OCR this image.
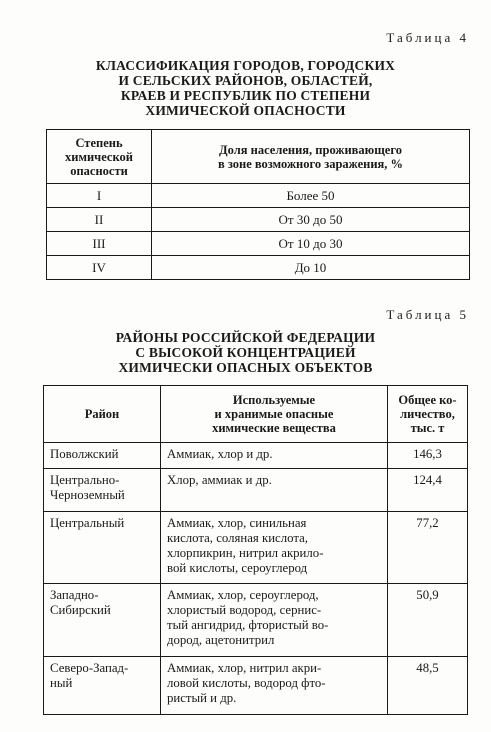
Таблица 4
КЛАССИФИКАЦИЯ ГОРОДОВ, ГОРОДСКИХ
И СЕЛЬСКИХ РАЙОНОВ, ОБЛАСТЕЙ,
КРАЕВ И РЕСПУБЛИК ПО СТЕПЕНИ
ХИМИЧЕСКОЙ ОПАСНОСТИ
Степень
химической
опасности	Доля населения, проживающего
в зоне возможного заражения, %

I	Более 50
II	От 30 до 50
III	От 10 до 30
IV	До 10
Таблица 5
РАЙОНЫ РОССИЙСКОЙ ФЕДЕРАЦИИ
С ВЫСОКОЙ КОНЦЕНТРАЦИЕЙ
ХИМИЧЕСКИ ОПАСНЫХ ОБЪЕКТОВ
Район	Используемые
и хранимые опасные
химические вещества	Общее ко-
личество,
тыс. т

Поволжский	Аммиак, хлор и др.	146,3

Центрально-
Черноземный	Хлор, аммиак и др.	124,4

Центральный	Аммиак, хлор, синильная
кислота, соляная кислота,
хлорпикрин, нитрил акрило-
вой кислоты, сероуглерод	77,2

Западно-
Сибирский	Аммиак, хлор, сероуглерод,
хлористый водород, сернис-
тый ангидрид, фтористый во-
дород, ацетонитрил	50,9

Северо-Запад-
ный	Аммиак, хлор, нитрил акри-
ловой кислоты, водород фто-
ристый и др.	48,5
